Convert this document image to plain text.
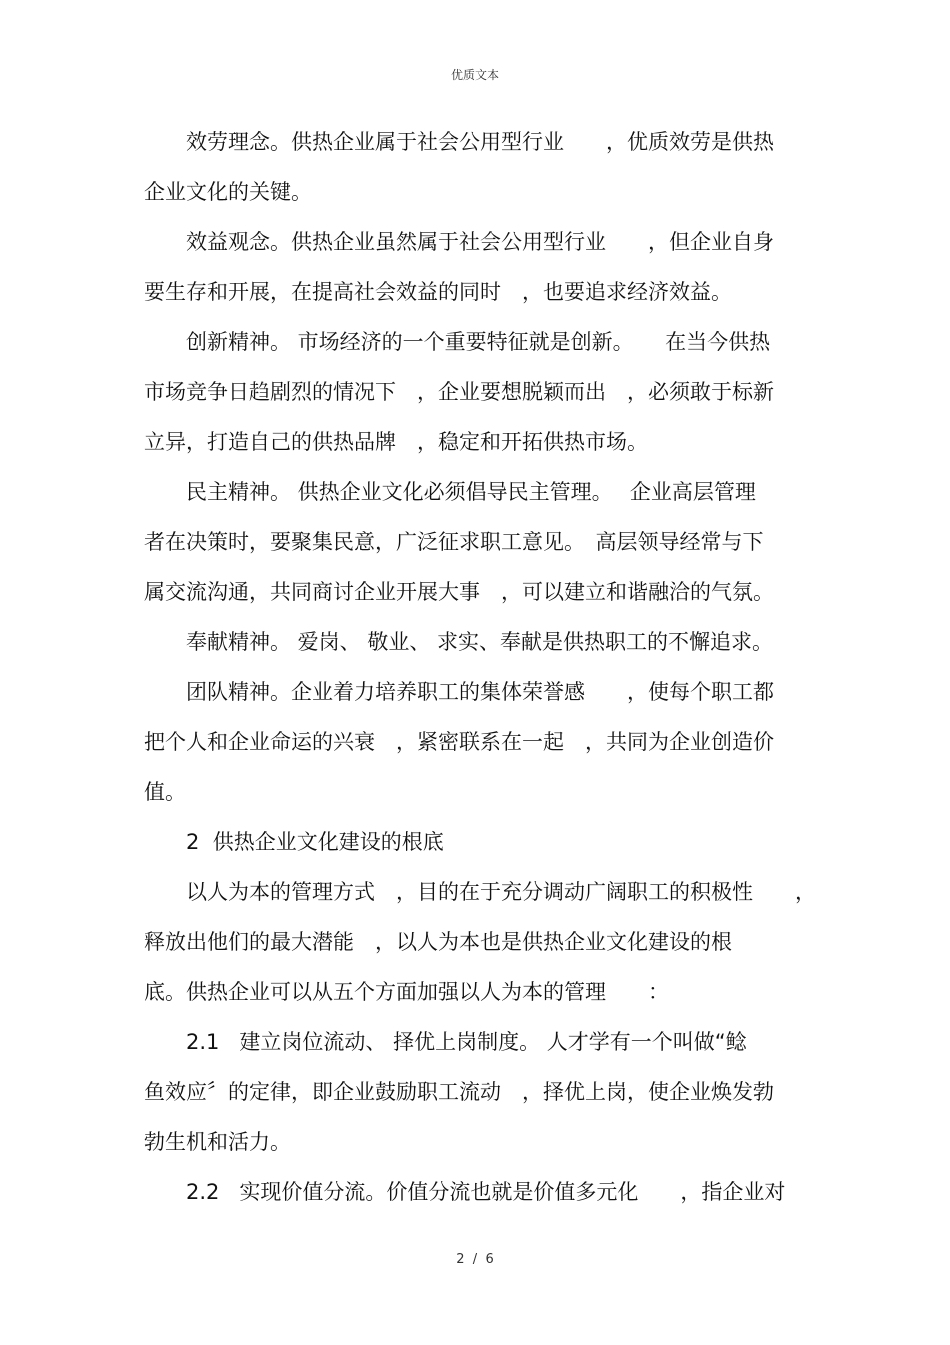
优质文本
　　效劳理念。供热企业属于社会公用型行业　　，优质效劳是供热
企业文化的关键。
　　效益观念。供热企业虽然属于社会公用型行业　　，但企业自身
要生存和开展，在提高社会效益的同时　，也要追求经济效益。
　　创新精神。 市场经济的一个重要特征就是创新。　　在当今供热
市场竞争日趋剧烈的情况下　，企业要想脱颖而出　，必须敢于标新
立异，打造自己的供热品牌　，稳定和开拓供热市场。
　　民主精神。 供热企业文化必须倡导民主管理。　 企业高层管理
者在决策时，要聚集民意，广泛征求职工意见。　高层领导经常与下
属交流沟通，共同商讨企业开展大事　，可以建立和谐融洽的气氛。
　　奉献精神。 爱岗、 敬业、 求实、奉献是供热职工的不懈追求。
　　团队精神。企业着力培养职工的集体荣誉感　　，使每个职工都
把个人和企业命运的兴衰　，紧密联系在一起　，共同为企业创造价
值。
　　2  供热企业文化建设的根底
　　以人为本的管理方式　，目的在于充分调动广阔职工的积极性　　，
释放出他们的最大潜能　，以人为本也是供热企业文化建设的根
底。供热企业可以从五个方面加强以人为本的管理　　：
　　2.1   建立岗位流动、 择优上岗制度。 人才学有一个叫做“鲶
鱼效应〞的定律，即企业鼓励职工流动　，择优上岗，使企业焕发勃
勃生机和活力。
　　2.2   实现价值分流。价值分流也就是价值多元化　　，指企业对
2  /  6
